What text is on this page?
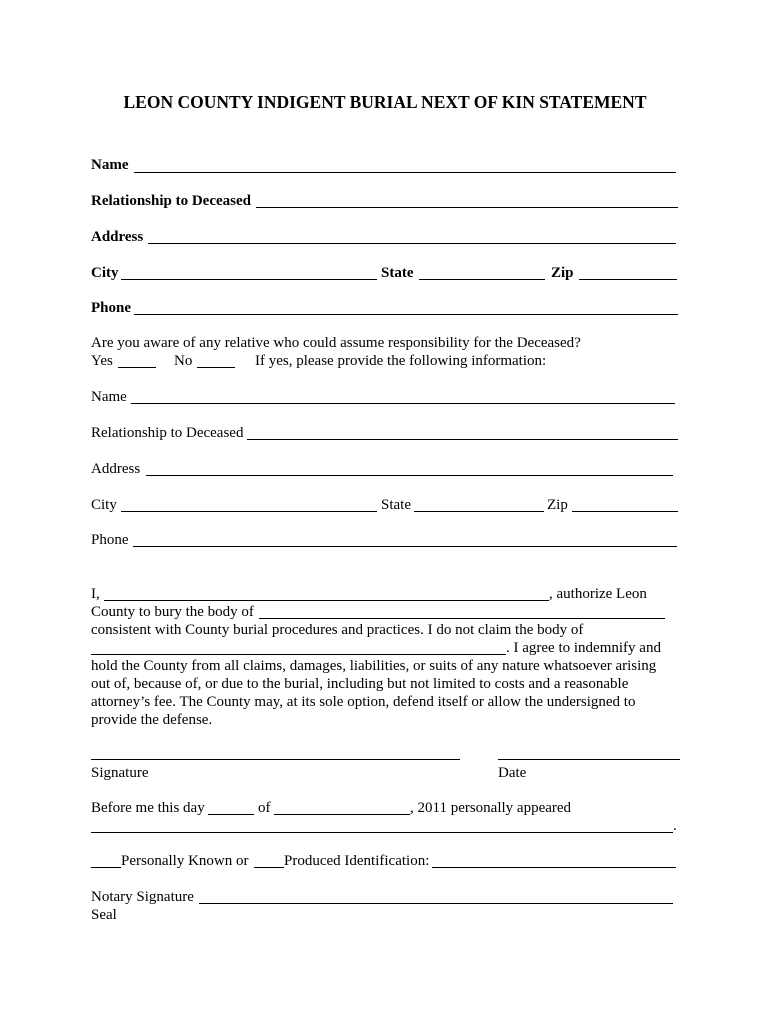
LEON COUNTY INDIGENT BURIAL NEXT OF KIN STATEMENT
Name
Relationship to Deceased
Address
City	State	Zip
Phone
Are you aware of any relative who could assume responsibility for the Deceased?
Yes	No	If yes, please provide the following information:
Name
Relationship to Deceased
Address
City	State	Zip
Phone
I,	, authorize Leon
County to bury the body of
consistent with County burial procedures and practices. I do not claim the body of
. I agree to indemnify and
hold the County from all claims, damages, liabilities, or suits of any nature whatsoever arising
out of, because of, or due to the burial, including but not limited to costs and a reasonable
attorney’s fee. The County may, at its sole option, defend itself or allow the undersigned to
provide the defense.
Signature	Date
Before me this day	of	, 2011 personally appeared
.
Personally Known or Produced Identification:
Notary Signature
Seal
